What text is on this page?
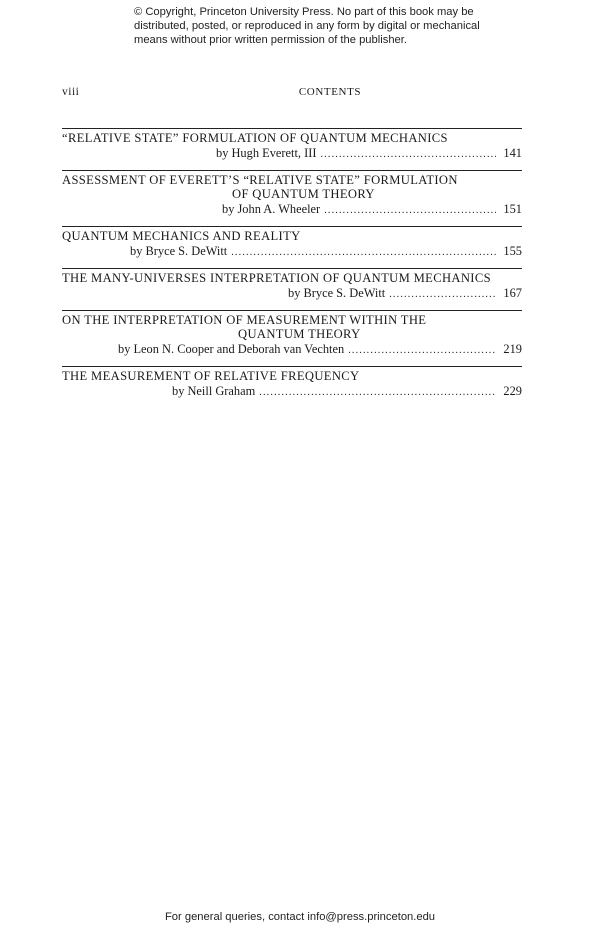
© Copyright, Princeton University Press. No part of this book may be
distributed, posted, or reproduced in any form by digital or mechanical
means without prior written permission of the publisher.
viii	CONTENTS
“RELATIVE STATE” FORMULATION OF QUANTUM MECHANICS
by Hugh Everett, III .....	141
ASSESSMENT OF EVERETT’S “RELATIVE STATE” FORMULATION
OF QUANTUM THEORY
by John A. Wheeler .....	151
QUANTUM MECHANICS AND REALITY
by Bryce S. DeWitt .....	155
THE MANY-UNIVERSES INTERPRETATION OF QUANTUM MECHANICS
by Bryce S. DeWitt .....	167
ON THE INTERPRETATION OF MEASUREMENT WITHIN THE
QUANTUM THEORY
by Leon N. Cooper and Deborah van Vechten .....	219
THE MEASUREMENT OF RELATIVE FREQUENCY
by Neill Graham .....	229
For general queries, contact info@press.princeton.edu
